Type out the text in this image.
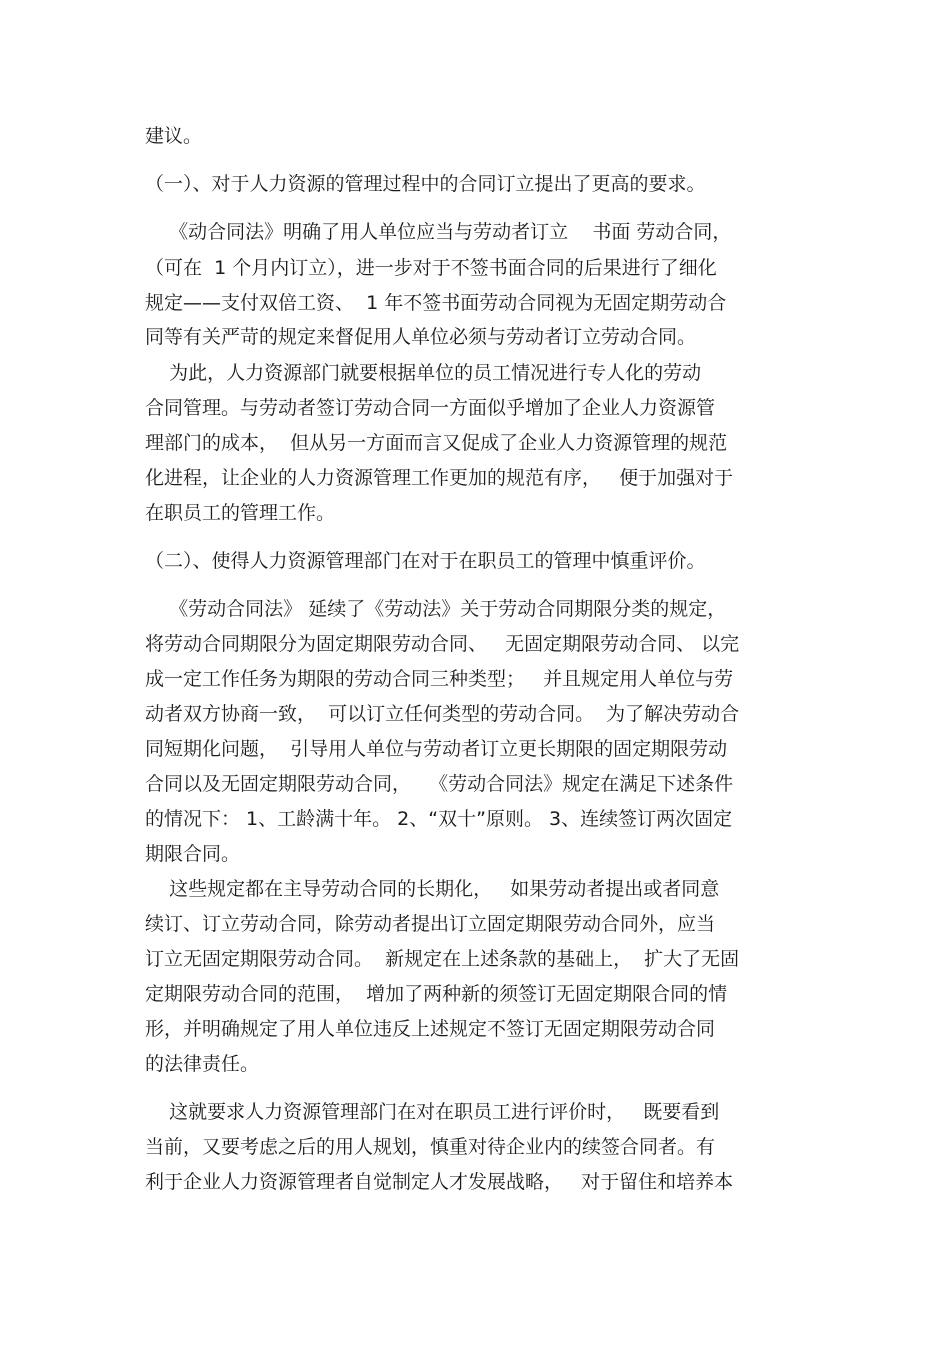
建议。
（一）、对于人力资源的管理过程中的合同订立提出了更高的要求。
《动合同法》明确了用人单位应当与劳动者订立    书面 劳动合同，
（可在  1 个月内订立），进一步对于不签书面合同的后果进行了细化
规定——支付双倍工资、  1 年不签书面劳动合同视为无固定期劳动合
同等有关严苛的规定来督促用人单位必须与劳动者订立劳动合同。
为此，人力资源部门就要根据单位的员工情况进行专人化的劳动
合同管理。与劳动者签订劳动合同一方面似乎增加了企业人力资源管
理部门的成本，  但从另一方面而言又促成了企业人力资源管理的规范
化进程，让企业的人力资源管理工作更加的规范有序，   便于加强对于
在职员工的管理工作。
（二）、使得人力资源管理部门在对于在职员工的管理中慎重评价。
《劳动合同法》 延续了《劳动法》关于劳动合同期限分类的规定，
将劳动合同期限分为固定期限劳动合同、   无固定期限劳动合同、 以完
成一定工作任务为期限的劳动合同三种类型；   并且规定用人单位与劳
动者双方协商一致，  可以订立任何类型的劳动合同。  为了解决劳动合
同短期化问题，  引导用人单位与劳动者订立更长期限的固定期限劳动
合同以及无固定期限劳动合同，   《劳动合同法》规定在满足下述条件
的情况下： 1、工龄满十年。 2、“双十”原则。 3、连续签订两次固定
期限合同。
这些规定都在主导劳动合同的长期化，   如果劳动者提出或者同意
续订、订立劳动合同，除劳动者提出订立固定期限劳动合同外，应当
订立无固定期限劳动合同。  新规定在上述条款的基础上，  扩大了无固
定期限劳动合同的范围，  增加了两种新的须签订无固定期限合同的情
形，并明确规定了用人单位违反上述规定不签订无固定期限劳动合同
的法律责任。
这就要求人力资源管理部门在对在职员工进行评价时，   既要看到
当前，又要考虑之后的用人规划，慎重对待企业内的续签合同者。有
利于企业人力资源管理者自觉制定人才发展战略，   对于留住和培养本
